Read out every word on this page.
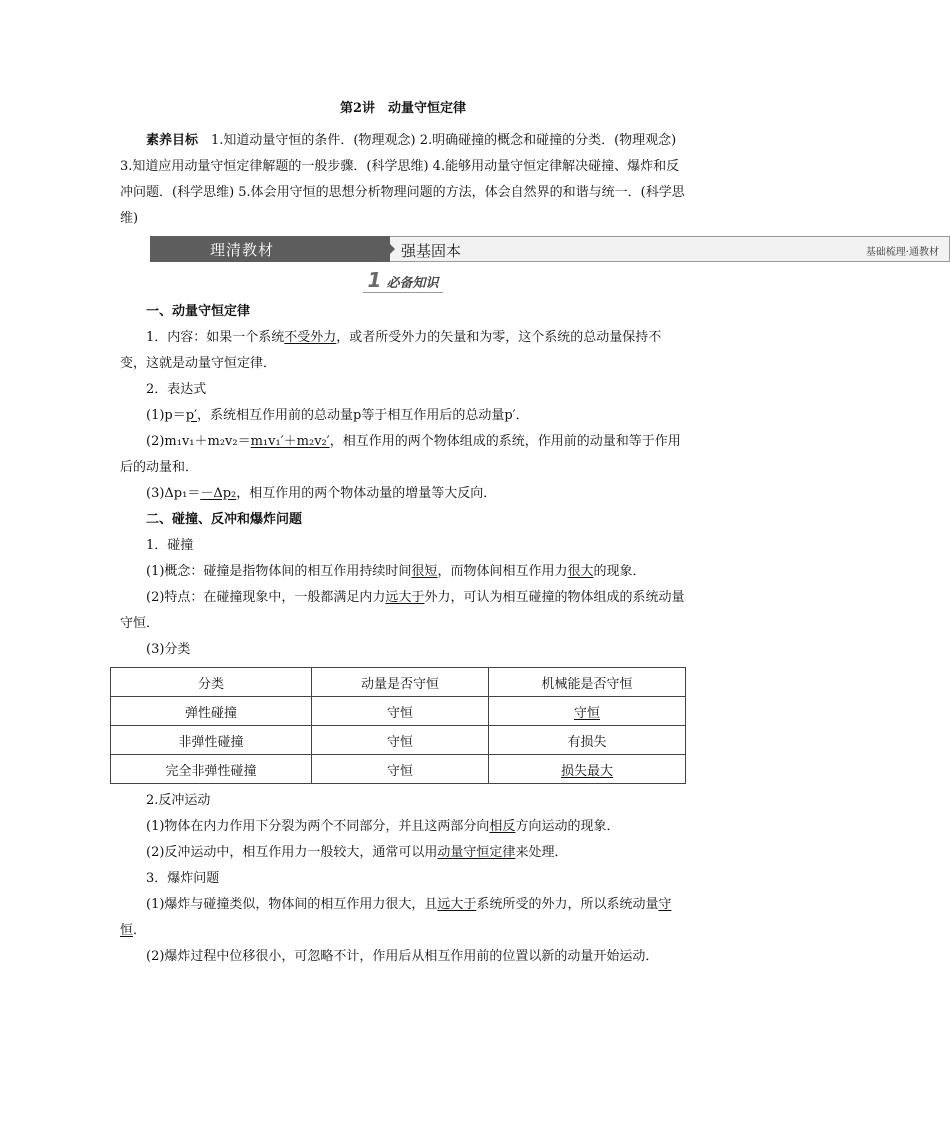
第2讲　动量守恒定律

素养目标　 1.知道动量守恒的条件．(物理观念) 2.明确碰撞的概念和碰撞的分类．(物理观念) 3.知道应用动量守恒定律解题的一般步骤．(科学思维) 4.能够用动量守恒定律解决碰撞、爆炸和反冲问题．(科学思维) 5.体会用守恒的思想分析物理问题的方法，体会自然界的和谐与统一．(科学思维)

强基固本	基础梳理·通教材
理清教材
1 必备知识

一、动量守恒定律

1．内容：如果一个系统不受外力，或者所受外力的矢量和为零，这个系统的总动量保持不变，这就是动量守恒定律．

2．表达式

(1)p＝p′，系统相互作用前的总动量p等于相互作用后的总动量p′．

(2)m₁v₁＋m₂v₂＝m₁v₁′＋m₂v₂′，相互作用的两个物体组成的系统，作用前的动量和等于作用后的动量和．

(3)Δp₁＝－Δp₂，相互作用的两个物体动量的增量等大反向．

二、碰撞、反冲和爆炸问题

1．碰撞

(1)概念：碰撞是指物体间的相互作用持续时间很短，而物体间相互作用力很大的现象．

(2)特点：在碰撞现象中，一般都满足内力远大于外力，可认为相互碰撞的物体组成的系统动量守恒．

(3)分类

分类	动量是否守恒	机械能是否守恒
弹性碰撞	守恒	守恒
非弹性碰撞	守恒	有损失
完全非弹性碰撞	守恒	损失最大

2.反冲运动

(1)物体在内力作用下分裂为两个不同部分，并且这两部分向相反方向运动的现象．

(2)反冲运动中，相互作用力一般较大，通常可以用动量守恒定律来处理．

3．爆炸问题

(1)爆炸与碰撞类似，物体间的相互作用力很大，且远大于系统所受的外力，所以系统动量守恒．

(2)爆炸过程中位移很小，可忽略不计，作用后从相互作用前的位置以新的动量开始运动．
